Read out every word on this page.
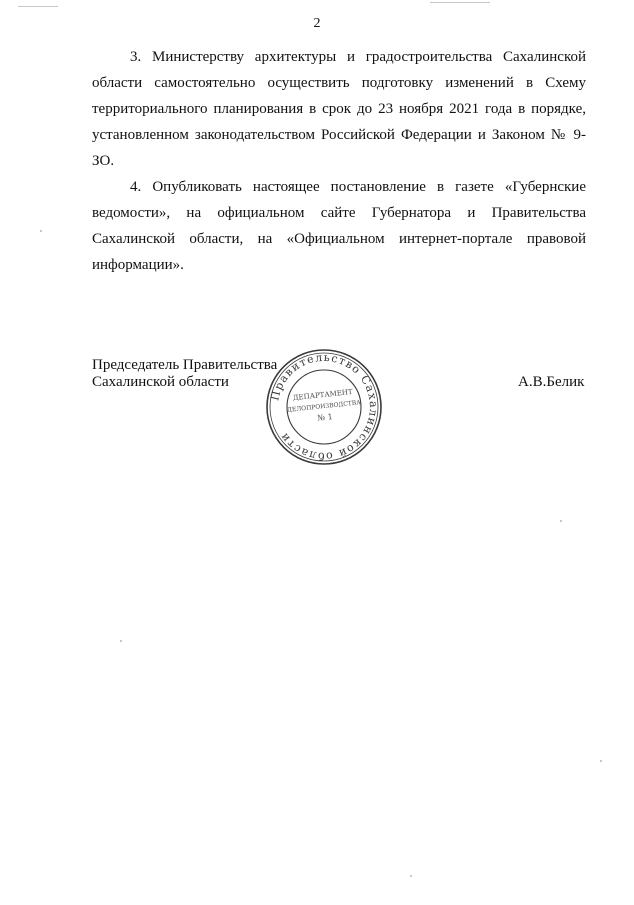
2

3. Министерству архитектуры и градостроительства Сахалинской области самостоятельно осуществить подготовку изменений в Схему территориального планирования в срок до 23 ноября 2021 года в порядке, установленном законодательством Российской Федерации и Законом № 9-ЗО.

4. Опубликовать настоящее постановление в газете «Губернские ведомости», на официальном сайте Губернатора и Правительства Сахалинской области, на «Официальном интернет-портале правовой информации».

Председатель Правительства
Сахалинской области	А.В.Белик
Правительство Сахалинской области
ДЕПАРТАМЕНТ
ДЕЛОПРОИЗВОДСТВА
№ 1
